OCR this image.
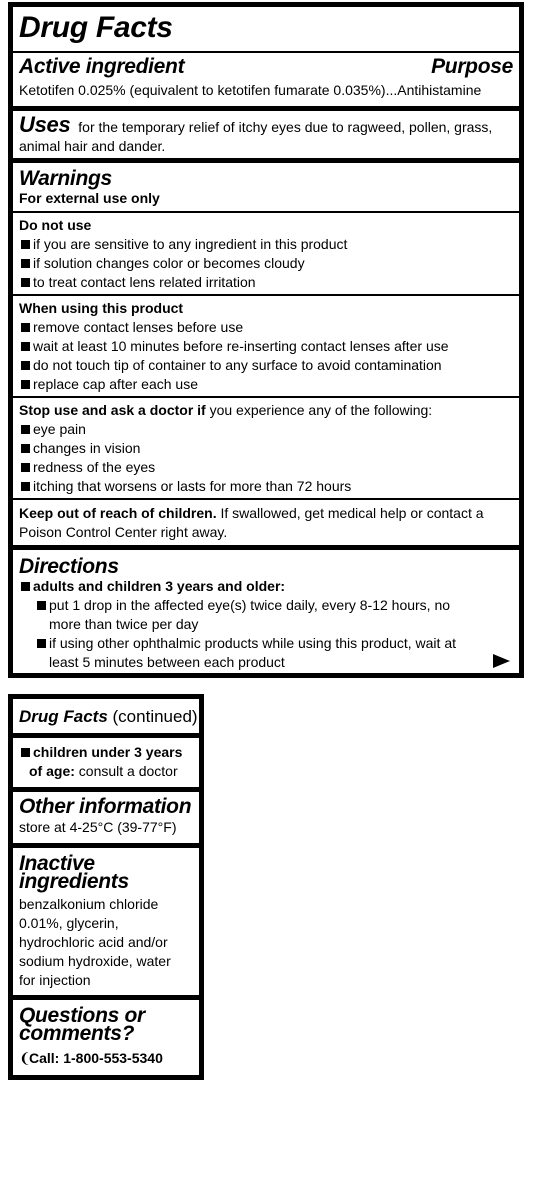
Drug Facts
Active ingredient	Purpose
Ketotifen 0.025% (equivalent to ketotifen fumarate 0.035%)...Antihistamine
Uses for the temporary relief of itchy eyes due to ragweed, pollen, grass,
animal hair and dander.
Warnings
For external use only
Do not use
if you are sensitive to any ingredient in this product
if solution changes color or becomes cloudy
to treat contact lens related irritation
When using this product
remove contact lenses before use
wait at least 10 minutes before re-inserting contact lenses after use
do not touch tip of container to any surface to avoid contamination
replace cap after each use
Stop use and ask a doctor if you experience any of the following:
eye pain
changes in vision
redness of the eyes
itching that worsens or lasts for more than 72 hours
Keep out of reach of children. If swallowed, get medical help or contact a
Poison Control Center right away.
Directions
adults and children 3 years and older:
put 1 drop in the affected eye(s) twice daily, every 8-12 hours, no
more than twice per day
if using other ophthalmic products while using this product, wait at
least 5 minutes between each product
Drug Facts (continued)
children under 3 years
of age: consult a doctor
Other information
store at 4-25°C (39-77°F)
Inactive
ingredients
benzalkonium chloride
0.01%, glycerin,
hydrochloric acid and/or
sodium hydroxide, water
for injection
Questions or
comments?
❨Call: 1-800-553-5340
